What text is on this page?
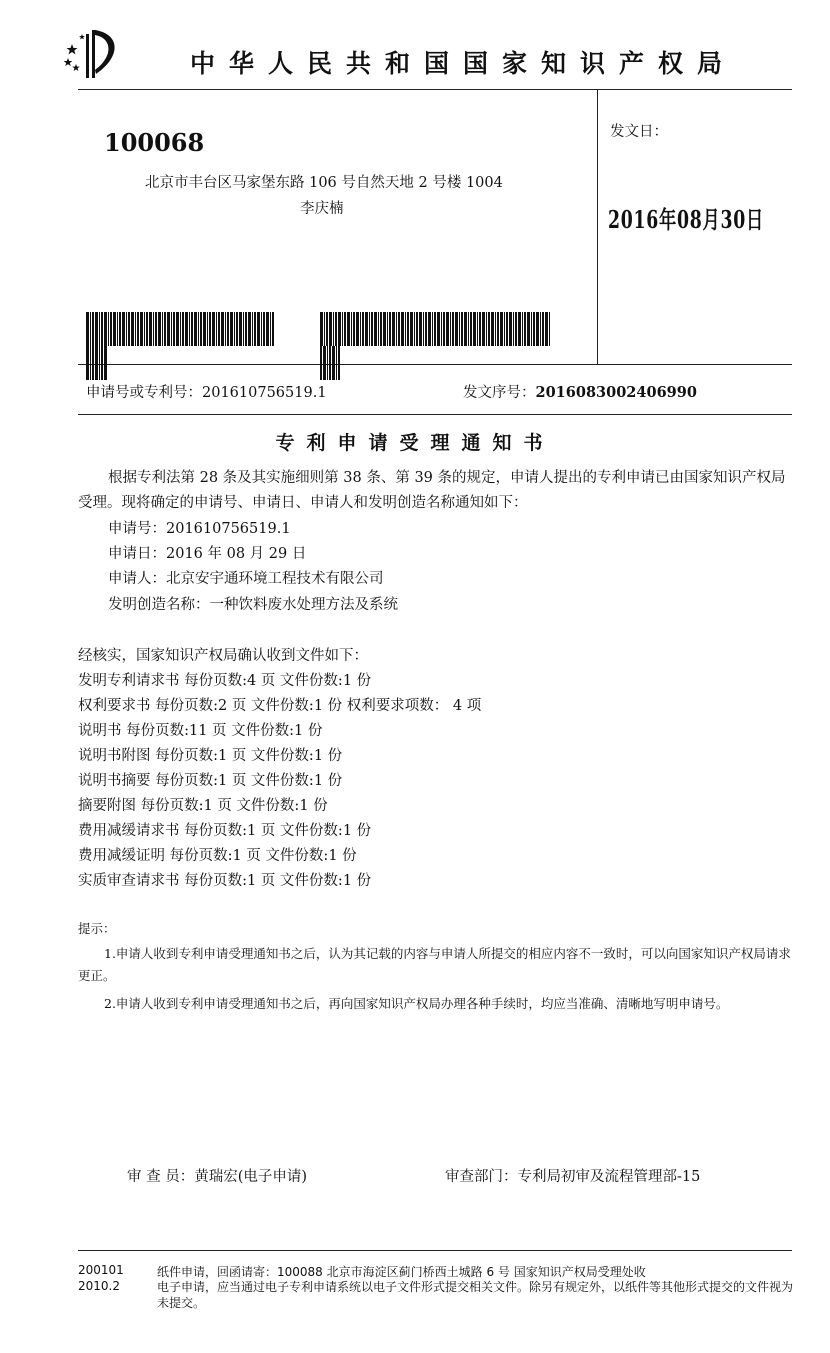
中华人民共和国国家知识产权局
100068
北京市丰台区马家堡东路 106 号自然天地 2 号楼 1004
李庆楠
发文日：
2016年08月30日
申请号或专利号：201610756519.1	发文序号：2016083002406990
专利申请受理通知书
根据专利法第 28 条及其实施细则第 38 条、第 39 条的规定，申请人提出的专利申请已由国家知识产权局受理。现将确定的申请号、申请日、申请人和发明创造名称通知如下：
申请号：201610756519.1
申请日：2016 年 08 月 29 日
申请人：北京安宇通环境工程技术有限公司
发明创造名称：一种饮料废水处理方法及系统
经核实，国家知识产权局确认收到文件如下：
发明专利请求书 每份页数:4 页 文件份数:1 份
权利要求书 每份页数:2 页 文件份数:1 份 权利要求项数： 4 项
说明书 每份页数:11 页 文件份数:1 份
说明书附图 每份页数:1 页 文件份数:1 份
说明书摘要 每份页数:1 页 文件份数:1 份
摘要附图 每份页数:1 页 文件份数:1 份
费用减缓请求书 每份页数:1 页 文件份数:1 份
费用减缓证明 每份页数:1 页 文件份数:1 份
实质审查请求书 每份页数:1 页 文件份数:1 份
提示：
1.申请人收到专利申请受理通知书之后，认为其记载的内容与申请人所提交的相应内容不一致时，可以向国家知识产权局请求更正。
2.申请人收到专利申请受理通知书之后，再向国家知识产权局办理各种手续时，均应当准确、清晰地写明申请号。
审 查 员：黄瑞宏(电子申请)	审查部门：专利局初审及流程管理部-15
200101
2010.2
纸件申请，回函请寄：100088 北京市海淀区蓟门桥西土城路 6 号 国家知识产权局受理处收
电子申请，应当通过电子专利申请系统以电子文件形式提交相关文件。除另有规定外，以纸件等其他形式提交的文件视为未提交。
